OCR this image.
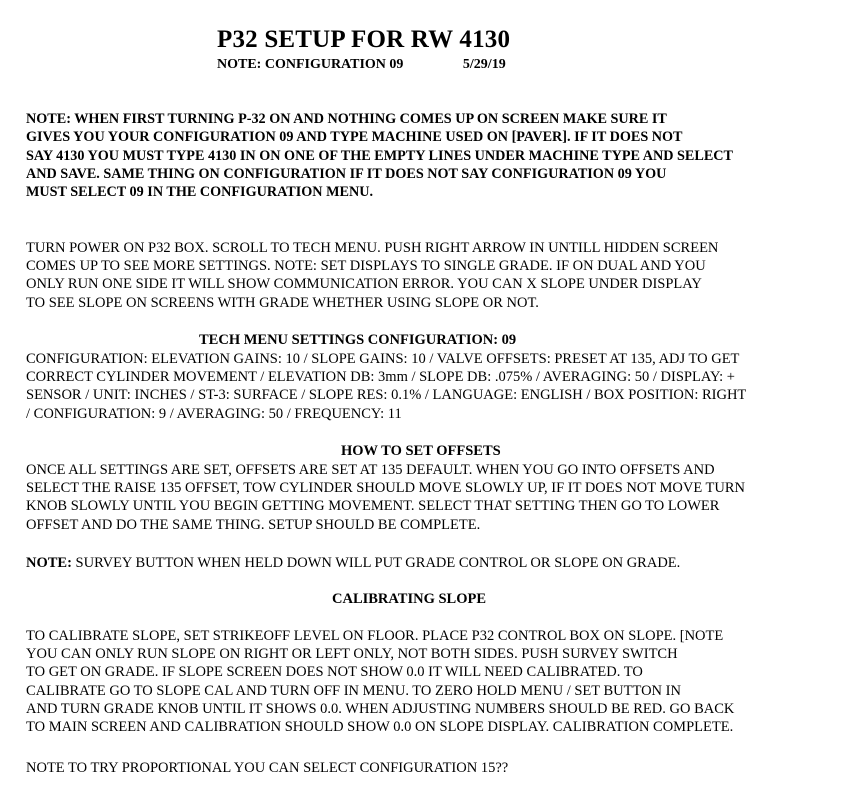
P32 SETUP FOR RW 4130
NOTE: CONFIGURATION 09	5/29/19
NOTE: WHEN FIRST TURNING P-32 ON AND NOTHING COMES UP ON SCREEN MAKE SURE IT
GIVES YOU YOUR CONFIGURATION 09 AND TYPE MACHINE USED ON [PAVER]. IF IT DOES NOT
SAY 4130 YOU MUST TYPE 4130 IN ON ONE OF THE EMPTY LINES UNDER MACHINE TYPE AND SELECT
AND SAVE. SAME THING ON CONFIGURATION IF IT DOES NOT SAY CONFIGURATION 09 YOU
MUST SELECT 09 IN THE CONFIGURATION MENU.
TURN POWER ON P32 BOX. SCROLL TO TECH MENU. PUSH RIGHT ARROW IN UNTILL HIDDEN SCREEN
COMES UP TO SEE MORE SETTINGS. NOTE: SET DISPLAYS TO SINGLE GRADE. IF ON DUAL AND YOU
ONLY RUN ONE SIDE IT WILL SHOW COMMUNICATION ERROR. YOU CAN X SLOPE UNDER DISPLAY
TO SEE SLOPE ON SCREENS WITH GRADE WHETHER USING SLOPE OR NOT.
TECH MENU SETTINGS CONFIGURATION: 09
CONFIGURATION: ELEVATION GAINS: 10 / SLOPE GAINS: 10 / VALVE OFFSETS: PRESET AT 135, ADJ TO GET
CORRECT CYLINDER MOVEMENT / ELEVATION DB: 3mm / SLOPE DB: .075% / AVERAGING: 50 / DISPLAY: +
SENSOR / UNIT: INCHES / ST-3: SURFACE / SLOPE RES: 0.1% / LANGUAGE: ENGLISH / BOX POSITION: RIGHT
/ CONFIGURATION: 9 / AVERAGING: 50 / FREQUENCY: 11
HOW TO SET OFFSETS
ONCE ALL SETTINGS ARE SET, OFFSETS ARE SET AT 135 DEFAULT. WHEN YOU GO INTO OFFSETS AND
SELECT THE RAISE 135 OFFSET, TOW CYLINDER SHOULD MOVE SLOWLY UP, IF IT DOES NOT MOVE TURN
KNOB SLOWLY UNTIL YOU BEGIN GETTING MOVEMENT. SELECT THAT SETTING THEN GO TO LOWER
OFFSET AND DO THE SAME THING. SETUP SHOULD BE COMPLETE.
NOTE: SURVEY BUTTON WHEN HELD DOWN WILL PUT GRADE CONTROL OR SLOPE ON GRADE.
CALIBRATING SLOPE
TO CALIBRATE SLOPE, SET STRIKEOFF LEVEL ON FLOOR. PLACE P32 CONTROL BOX ON SLOPE. [NOTE
YOU CAN ONLY RUN SLOPE ON RIGHT OR LEFT ONLY, NOT BOTH SIDES. PUSH SURVEY SWITCH
TO GET ON GRADE. IF SLOPE SCREEN DOES NOT SHOW 0.0 IT WILL NEED CALIBRATED. TO
CALIBRATE GO TO SLOPE CAL AND TURN OFF IN MENU. TO ZERO HOLD MENU / SET BUTTON IN
AND TURN GRADE KNOB UNTIL IT SHOWS 0.0. WHEN ADJUSTING NUMBERS SHOULD BE RED. GO BACK
TO MAIN SCREEN AND CALIBRATION SHOULD SHOW 0.0 ON SLOPE DISPLAY. CALIBRATION COMPLETE.
NOTE TO TRY PROPORTIONAL YOU CAN SELECT CONFIGURATION 15??
